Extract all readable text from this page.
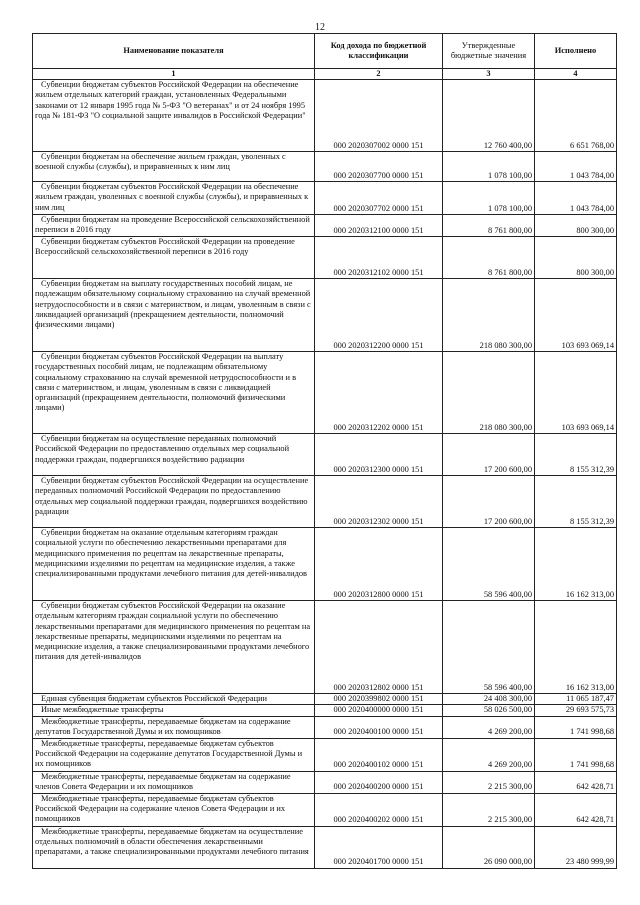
12
Наименование показателя	Код дохода по бюджетной классификации	Утвержденные бюджетные значения	Исполнено
1	2	3	4
Субвенции бюджетам субъектов Российской Федерации на обеспечение жильем отдельных категорий граждан, установленных Федеральными законами от 12 января 1995 года № 5-ФЗ "О ветеранах" и от 24 ноября 1995 года № 181-ФЗ "О социальной защите инвалидов в Российской Федерации"	000 2020307002 0000 151	12 760 400,00	6 651 768,00
Субвенции бюджетам на обеспечение жильем граждан, уволенных с военной службы (службы), и приравненных к ним лиц	000 2020307700 0000 151	1 078 100,00	1 043 784,00
Субвенции бюджетам субъектов Российской Федерации на обеспечение жильем граждан, уволенных с военной службы (службы), и приравненных к ним лиц	000 2020307702 0000 151	1 078 100,00	1 043 784,00
Субвенции бюджетам на проведение Всероссийской сельскохозяйственной переписи в 2016 году	000 2020312100 0000 151	8 761 800,00	800 300,00
Субвенции бюджетам субъектов Российской Федерации на проведение Всероссийской сельскохозяйственной переписи в 2016 году	000 2020312102 0000 151	8 761 800,00	800 300,00
Субвенции бюджетам на выплату государственных пособий лицам, не подлежащим обязательному социальному страхованию на случай временной нетрудоспособности и в связи с материнством, и лицам, уволенным в связи с ликвидацией организаций (прекращением деятельности, полномочий физическими лицами)	000 2020312200 0000 151	218 080 300,00	103 693 069,14
Субвенции бюджетам субъектов Российской Федерации на выплату государственных пособий лицам, не подлежащим обязательному социальному страхованию на случай временной нетрудоспособности и в связи с материнством, и лицам, уволенным в связи с ликвидацией организаций (прекращением деятельности, полномочий физическими лицами)	000 2020312202 0000 151	218 080 300,00	103 693 069,14
Субвенции бюджетам на осуществление переданных полномочий Российской Федерации по предоставлению отдельных мер социальной поддержки граждан, подвергшихся воздействию радиации	000 2020312300 0000 151	17 200 600,00	8 155 312,39
Субвенции бюджетам субъектов Российской Федерации на осуществление переданных полномочий Российской Федерации по предоставлению отдельных мер социальной поддержки граждан, подвергшихся воздействию радиации	000 2020312302 0000 151	17 200 600,00	8 155 312,39
Субвенции бюджетам на оказание отдельным категориям граждан социальной услуги по обеспечению лекарственными препаратами для медицинского применения по рецептам на лекарственные препараты, медицинскими изделиями по рецептам на медицинские изделия, а также специализированными продуктами лечебного питания для детей-инвалидов	000 2020312800 0000 151	58 596 400,00	16 162 313,00
Субвенции бюджетам субъектов Российской Федерации на оказание отдельным категориям граждан социальной услуги по обеспечению лекарственными препаратами для медицинского применения по рецептам на лекарственные препараты, медицинскими изделиями по рецептам на медицинские изделия, а также специализированными продуктами лечебного питания для детей-инвалидов	000 2020312802 0000 151	58 596 400,00	16 162 313,00
Единая субвенция бюджетам субъектов Российской Федерации	000 2020399802 0000 151	24 408 300,00	11 065 187,47
Иные межбюджетные трансферты	000 2020400000 0000 151	58 026 500,00	29 693 575,73
Межбюджетные трансферты, передаваемые бюджетам на содержание депутатов Государственной Думы и их помощников	000 2020400100 0000 151	4 269 200,00	1 741 998,68
Межбюджетные трансферты, передаваемые бюджетам субъектов Российской Федерации на содержание депутатов Государственной Думы и их помощников	000 2020400102 0000 151	4 269 200,00	1 741 998,68
Межбюджетные трансферты, передаваемые бюджетам на содержание членов Совета Федерации и их помощников	000 2020400200 0000 151	2 215 300,00	642 428,71
Межбюджетные трансферты, передаваемые бюджетам субъектов Российской Федерации на содержание членов Совета Федерации и их помощников	000 2020400202 0000 151	2 215 300,00	642 428,71
Межбюджетные трансферты, передаваемые бюджетам на осуществление отдельных полномочий в области обеспечения лекарственными препаратами, а также специализированными продуктами лечебного питания	000 2020401700 0000 151	26 090 000,00	23 480 999,99
